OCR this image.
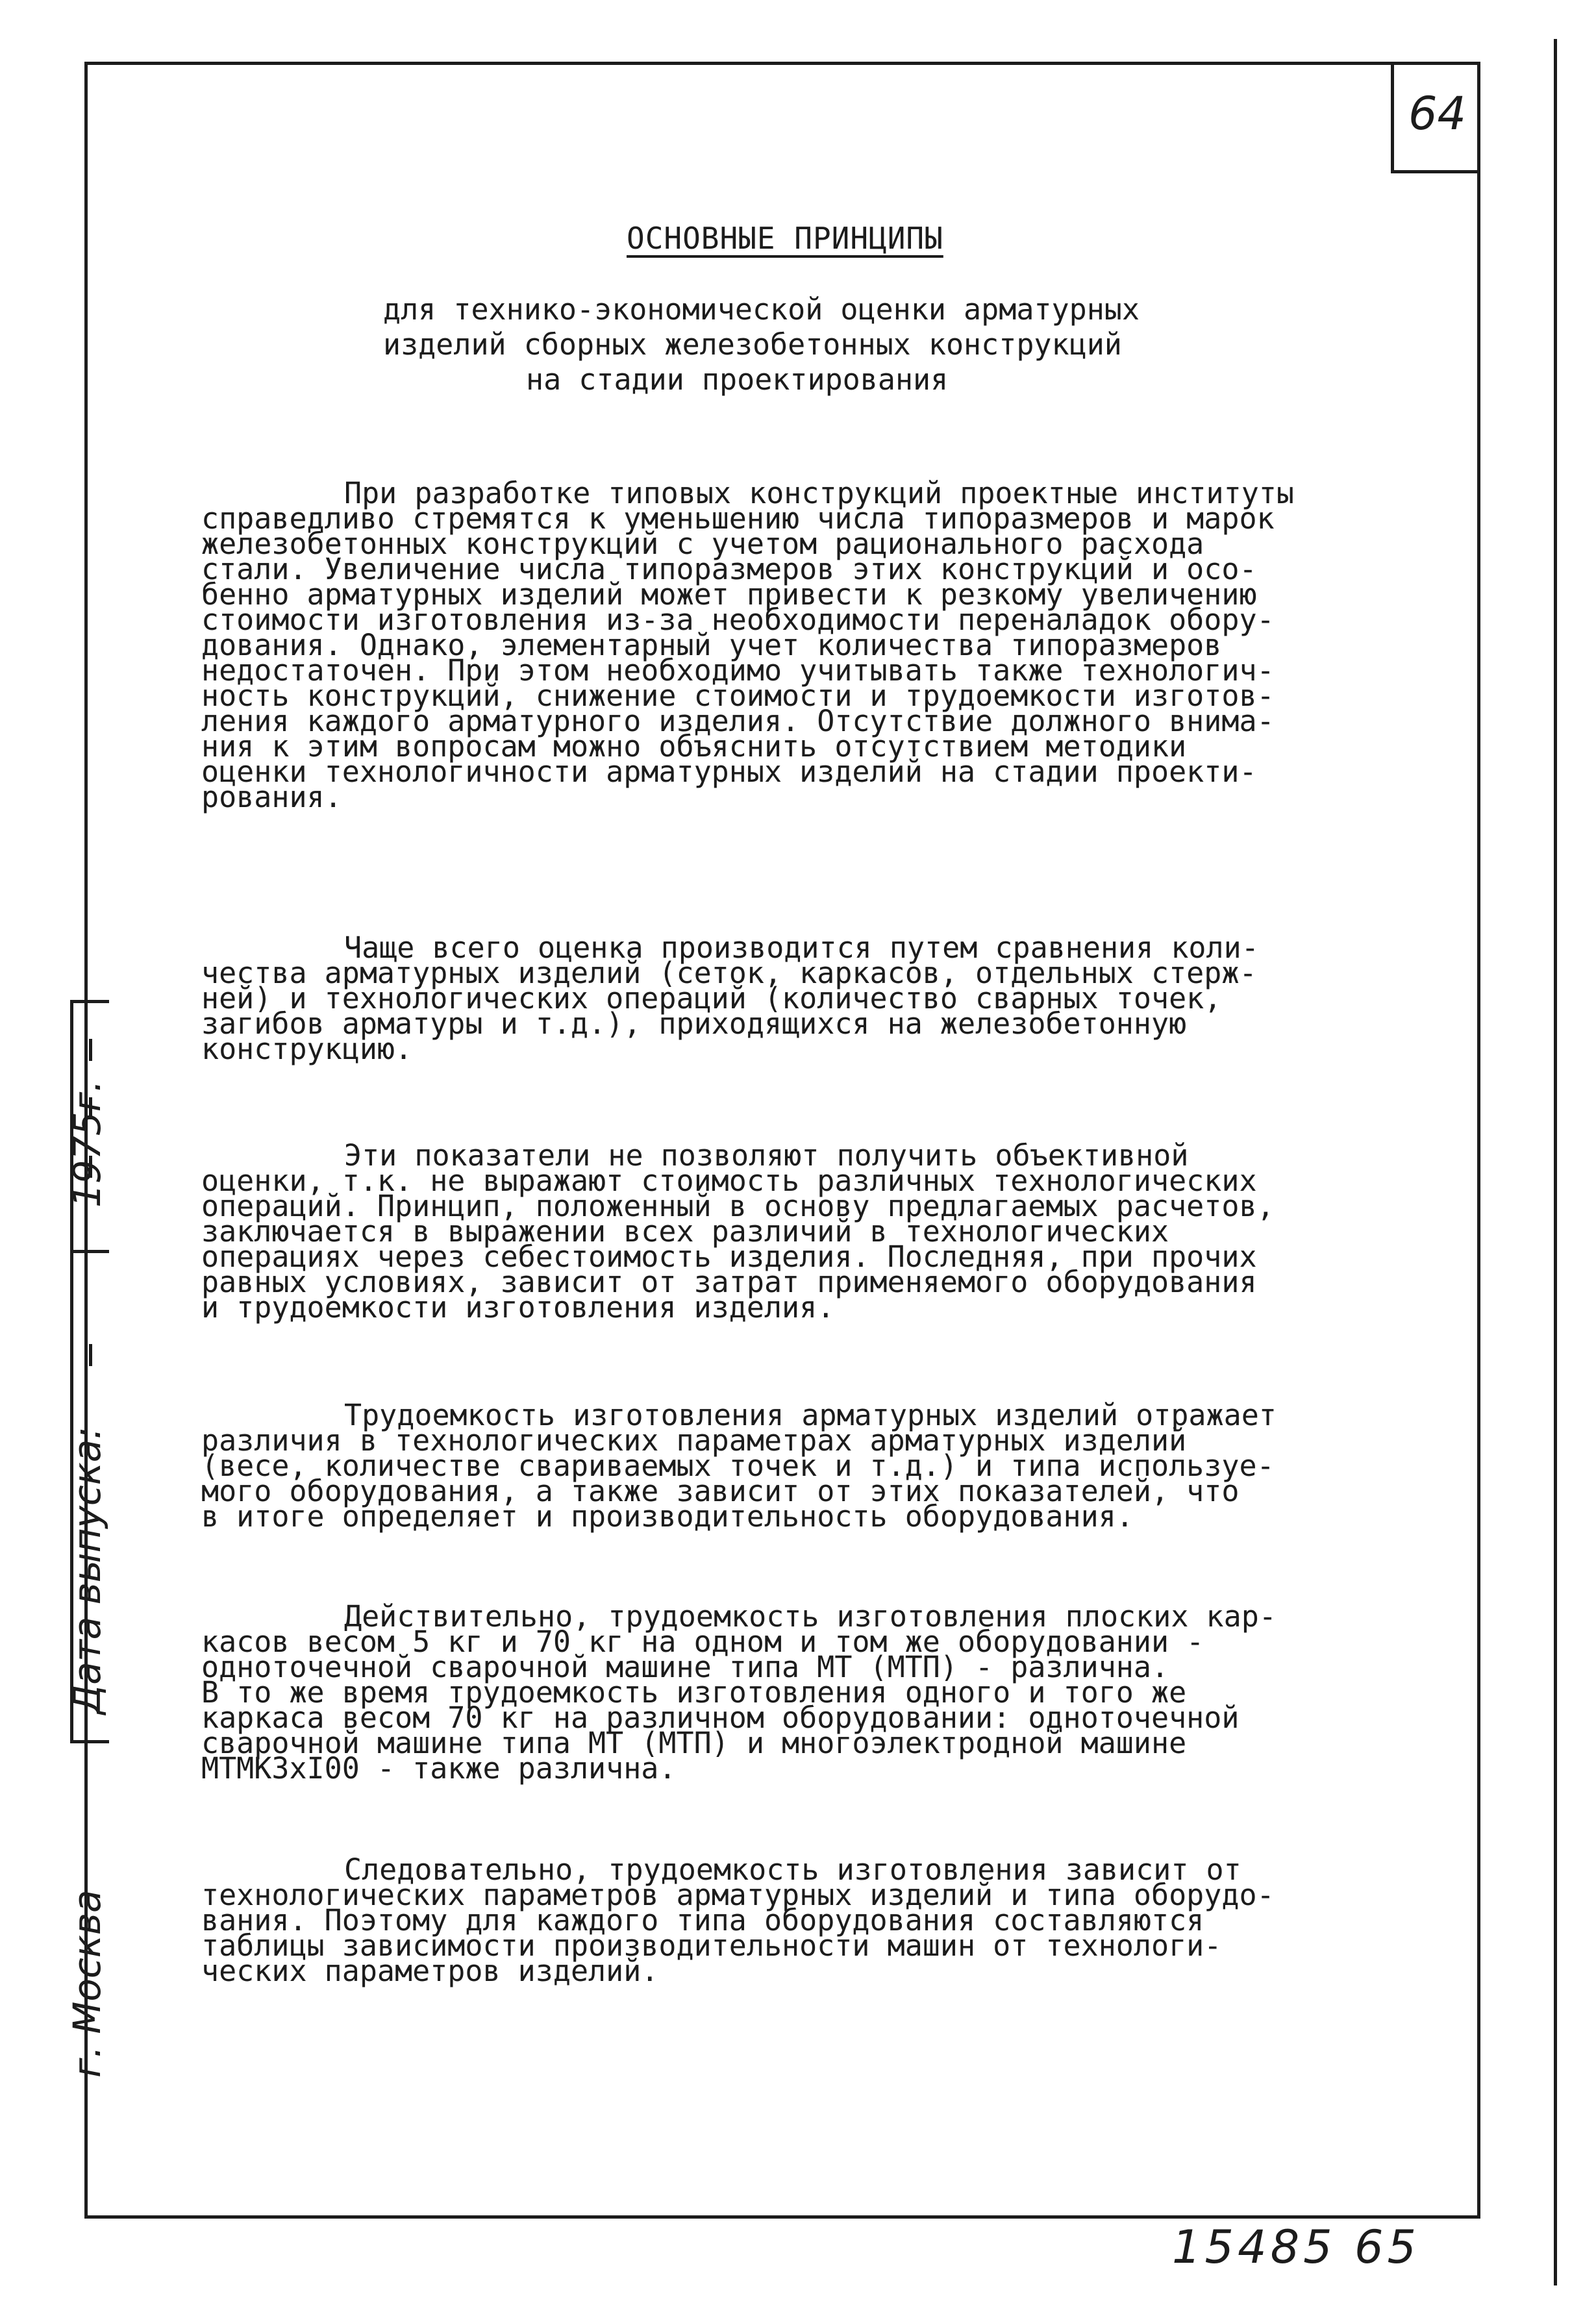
64
ОСНОВНЫЕ ПРИНЦИПЫ
для технико-экономической оценки арматурных
изделий сборных железобетонных конструкций
на стадии проектирования
При разработке типовых конструкций проектные институты
справедливо стремятся к уменьшению числа типоразмеров и марок
железобетонных конструкций с учетом рационального расхода
стали. Увеличение числа типоразмеров этих конструкций и осо-
бенно арматурных изделий может привести к резкому увеличению
стоимости изготовления из-за необходимости переналадок обору-
дования. Однако, элементарный учет количества типоразмеров
недостаточен. При этом необходимо учитывать также технологич-
ность конструкций, снижение стоимости и трудоемкости изготов-
ления каждого арматурного изделия. Отсутствие должного внима-
ния к этим вопросам можно объяснить отсутствием методики
оценки технологичности арматурных изделий на стадии проекти-
рования.
Чаще всего оценка производится путем сравнения коли-
чества арматурных изделий (сеток, каркасов, отдельных стерж-
ней) и технологических операций (количество сварных точек,
загибов арматуры и т.д.), приходящихся на железобетонную
конструкцию.
Эти показатели не позволяют получить объективной
оценки, т.к. не выражают стоимость различных технологических
операций. Принцип, положенный в основу предлагаемых расчетов,
заключается в выражении всех различий в технологических
операциях через себестоимость изделия. Последняя, при прочих
равных условиях, зависит от затрат применяемого оборудования
и трудоемкости изготовления изделия.
Трудоемкость изготовления арматурных изделий отражает
различия в технологических параметрах арматурных изделий
(весе, количестве свариваемых точек и т.д.) и типа используе-
мого оборудования, а также зависит от этих показателей, что
в итоге определяет и производительность оборудования.
Действительно, трудоемкость изготовления плоских кар-
касов весом 5 кг и 70 кг на одном и том же оборудовании -
одноточечной сварочной машине типа МТ (МТП) - различна.
В то же время трудоемкость изготовления одного и того же
каркаса весом 70 кг на различном оборудовании: одноточечной
сварочной машине типа МТ (МТП) и многоэлектродной машине
МТМК3хI00 - также различна.
Следовательно, трудоемкость изготовления зависит от
технологических параметров арматурных изделий и типа оборудо-
вания. Поэтому для каждого типа оборудования составляются
таблицы зависимости производительности машин от технологи-
ческих параметров изделий.
1975г.
Дата выпуска:
г. Москва
15485 65
